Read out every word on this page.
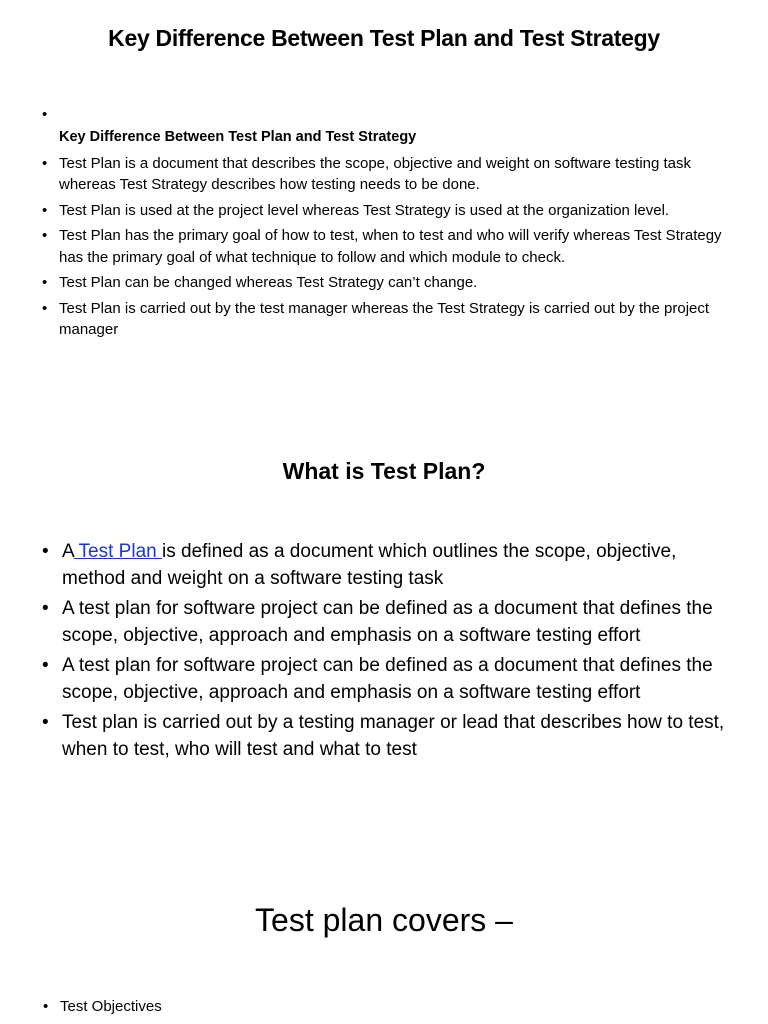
Key Difference Between Test Plan and Test Strategy
•
Key Difference Between Test Plan and Test Strategy
• Test Plan is a document that describes the scope, objective and weight on software testing task whereas Test Strategy describes how testing needs to be done.
• Test Plan is used at the project level whereas Test Strategy is used at the organization level.
• Test Plan has the primary goal of how to test, when to test and who will verify whereas Test Strategy has the primary goal of what technique to follow and which module to check.
• Test Plan can be changed whereas Test Strategy can’t change.
• Test Plan is carried out by the test manager whereas the Test Strategy is carried out by the project manager
What is Test Plan?
• A Test Plan is defined as a document which outlines the scope, objective, method and weight on a software testing task
• A test plan for software project can be defined as a document that defines the scope, objective, approach and emphasis on a software testing effort
• A test plan for software project can be defined as a document that defines the scope, objective, approach and emphasis on a software testing effort
• Test plan is carried out by a testing manager or lead that describes how to test, when to test, who will test and what to test
Test plan covers –
• Test Objectives
